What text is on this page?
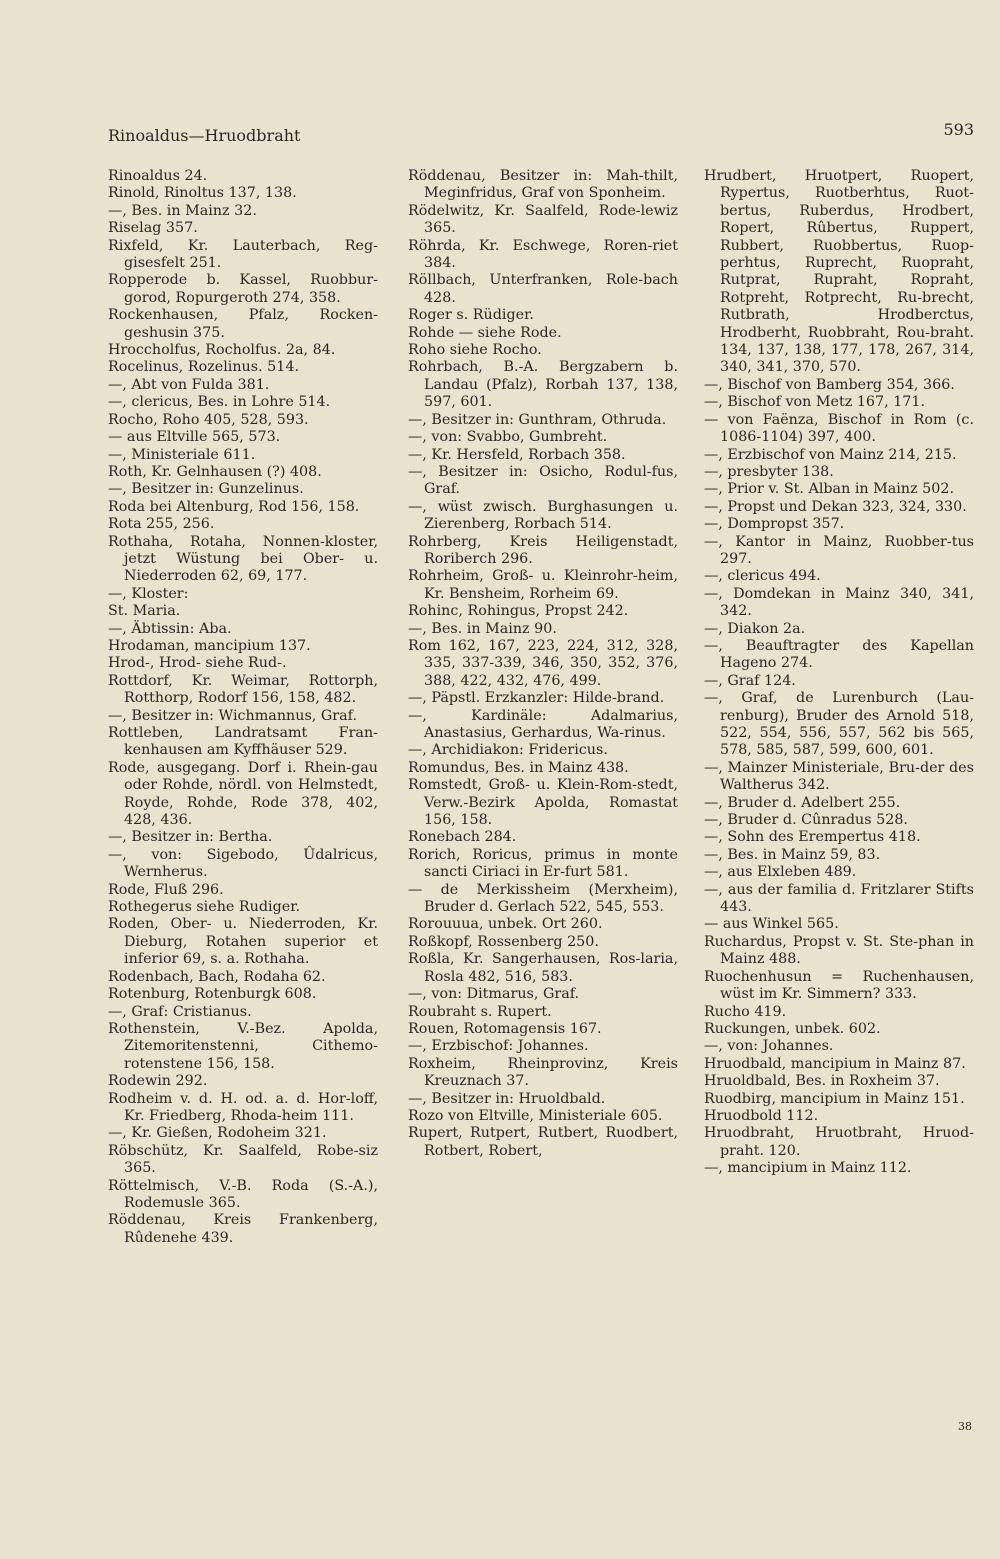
Rinoaldus—Hruodbraht	593

Rinoaldus 24.

Rinold, Rinoltus 137, 138.

—, Bes. in Mainz 32.

Riselag 357.

Rixfeld, Kr. Lauterbach, Reg-gisesfelt 251.

Ropperode b. Kassel, Ruobbur-gorod, Ropurgeroth 274, 358.

Rockenhausen, Pfalz, Rocken-geshusin 375.

Hroccholfus, Rocholfus. 2a, 84.

Rocelinus, Rozelinus. 514.

—, Abt von Fulda 381.

—, clericus, Bes. in Lohre 514.

Rocho, Roho 405, 528, 593.

— aus Eltville 565, 573.

—, Ministeriale 611.

Roth, Kr. Gelnhausen (?) 408.

—, Besitzer in: Gunzelinus.

Roda bei Altenburg, Rod 156, 158.

Rota 255, 256.

Rothaha, Rotaha, Nonnen-kloster, jetzt Wüstung bei Ober- u. Niederroden 62, 69, 177.

—, Kloster:

St. Maria.

—, Äbtissin: Aba.

Hrodaman, mancipium 137.

Hrod-, Hrod- siehe Rud-.

Rottdorf, Kr. Weimar, Rottorph, Rotthorp, Rodorf 156, 158, 482.

—, Besitzer in: Wichmannus, Graf.

Rottleben, Landratsamt Fran-kenhausen am Kyffhäuser 529.

Rode, ausgegang. Dorf i. Rhein-gau oder Rohde, nördl. von Helmstedt, Royde, Rohde, Rode 378, 402, 428, 436.

—, Besitzer in: Bertha.

—, von: Sigebodo, Ûdalricus, Wernherus.

Rode, Fluß 296.

Rothegerus siehe Rudiger.

Roden, Ober- u. Niederroden, Kr. Dieburg, Rotahen superior et inferior 69, s. a. Rothaha.

Rodenbach, Bach, Rodaha 62.

Rotenburg, Rotenburgk 608.

—, Graf: Cristianus.

Rothenstein, V.-Bez. Apolda, Zitemoritenstenni, Cithemo-rotenstene 156, 158.

Rodewin 292.

Rodheim v. d. H. od. a. d. Hor-loff, Kr. Friedberg, Rhoda-heim 111.

—, Kr. Gießen, Rodoheim 321.

Röbschütz, Kr. Saalfeld, Robe-siz 365.

Röttelmisch, V.-B. Roda (S.-A.), Rodemusle 365.

Röddenau, Kreis Frankenberg, Rûdenehe 439.

Röddenau, Besitzer in: Mah-thilt, Meginfridus, Graf von Sponheim.

Rödelwitz, Kr. Saalfeld, Rode-lewiz 365.

Röhrda, Kr. Eschwege, Roren-riet 384.

Röllbach, Unterfranken, Role-bach 428.

Roger s. Rüdiger.

Rohde — siehe Rode.

Roho siehe Rocho.

Rohrbach, B.-A. Bergzabern b. Landau (Pfalz), Rorbah 137, 138, 597, 601.

—, Besitzer in: Gunthram, Othruda.

—, von: Svabbo, Gumbreht.

—, Kr. Hersfeld, Rorbach 358.

—, Besitzer in: Osicho, Rodul-fus, Graf.

—, wüst zwisch. Burghasungen u. Zierenberg, Rorbach 514.

Rohrberg, Kreis Heiligenstadt, Roriberch 296.

Rohrheim, Groß- u. Kleinrohr-heim, Kr. Bensheim, Rorheim 69.

Rohinc, Rohingus, Propst 242.

—, Bes. in Mainz 90.

Rom 162, 167, 223, 224, 312, 328, 335, 337-339, 346, 350, 352, 376, 388, 422, 432, 476, 499.

—, Päpstl. Erzkanzler: Hilde-brand.

—, Kardinäle: Adalmarius, Anastasius, Gerhardus, Wa-rinus.

—, Archidiakon: Fridericus.

Romundus, Bes. in Mainz 438.

Romstedt, Groß- u. Klein-Rom-stedt, Verw.-Bezirk Apolda, Romastat 156, 158.

Ronebach 284.

Rorich, Roricus, primus in monte sancti Ciriaci in Er-furt 581.

— de Merkissheim (Merxheim), Bruder d. Gerlach 522, 545, 553.

Rorouuua, unbek. Ort 260.

Roßkopf, Rossenberg 250.

Roßla, Kr. Sangerhausen, Ros-laria, Rosla 482, 516, 583.

—, von: Ditmarus, Graf.

Roubraht s. Rupert.

Rouen, Rotomagensis 167.

—, Erzbischof: Johannes.

Roxheim, Rheinprovinz, Kreis Kreuznach 37.

—, Besitzer in: Hruoldbald.

Rozo von Eltville, Ministeriale 605.

Rupert, Rutpert, Rutbert, Ruodbert, Rotbert, Robert,

Hrudbert, Hruotpert, Ruopert, Rypertus, Ruotberhtus, Ruot-bertus, Ruberdus, Hrodbert, Ropert, Rûbertus, Ruppert, Rubbert, Ruobbertus, Ruop-perhtus, Ruprecht, Ruopraht, Rutprat, Rupraht, Ropraht, Rotpreht, Rotprecht, Ru-brecht, Rutbrath, Hrodberctus, Hrodberht, Ruobbraht, Rou-braht. 134, 137, 138, 177, 178, 267, 314, 340, 341, 370, 570.

—, Bischof von Bamberg 354, 366.

—, Bischof von Metz 167, 171.

— von Faënza, Bischof in Rom (c. 1086-1104) 397, 400.

—, Erzbischof von Mainz 214, 215.

—, presbyter 138.

—, Prior v. St. Alban in Mainz 502.

—, Propst und Dekan 323, 324, 330.

—, Dompropst 357.

—, Kantor in Mainz, Ruobber-tus 297.

—, clericus 494.

—, Domdekan in Mainz 340, 341, 342.

—, Diakon 2a.

—, Beauftragter des Kapellan Hageno 274.

—, Graf 124.

—, Graf, de Lurenburch (Lau-renburg), Bruder des Arnold 518, 522, 554, 556, 557, 562 bis 565, 578, 585, 587, 599, 600, 601.

—, Mainzer Ministeriale, Bru-der des Waltherus 342.

—, Bruder d. Adelbert 255.

—, Bruder d. Cûnradus 528.

—, Sohn des Erempertus 418.

—, Bes. in Mainz 59, 83.

—, aus Elxleben 489.

—, aus der familia d. Fritzlarer Stifts 443.

— aus Winkel 565.

Ruchardus, Propst v. St. Ste-phan in Mainz 488.

Ruochenhusun = Ruchenhausen, wüst im Kr. Simmern? 333.

Rucho 419.

Ruckungen, unbek. 602.

—, von: Johannes.

Hruodbald, mancipium in Mainz 87.

Hruoldbald, Bes. in Roxheim 37.

Ruodbirg, mancipium in Mainz 151.

Hruodbold 112.

Hruodbraht, Hruotbraht, Hruod-praht. 120.

—, mancipium in Mainz 112.

38
